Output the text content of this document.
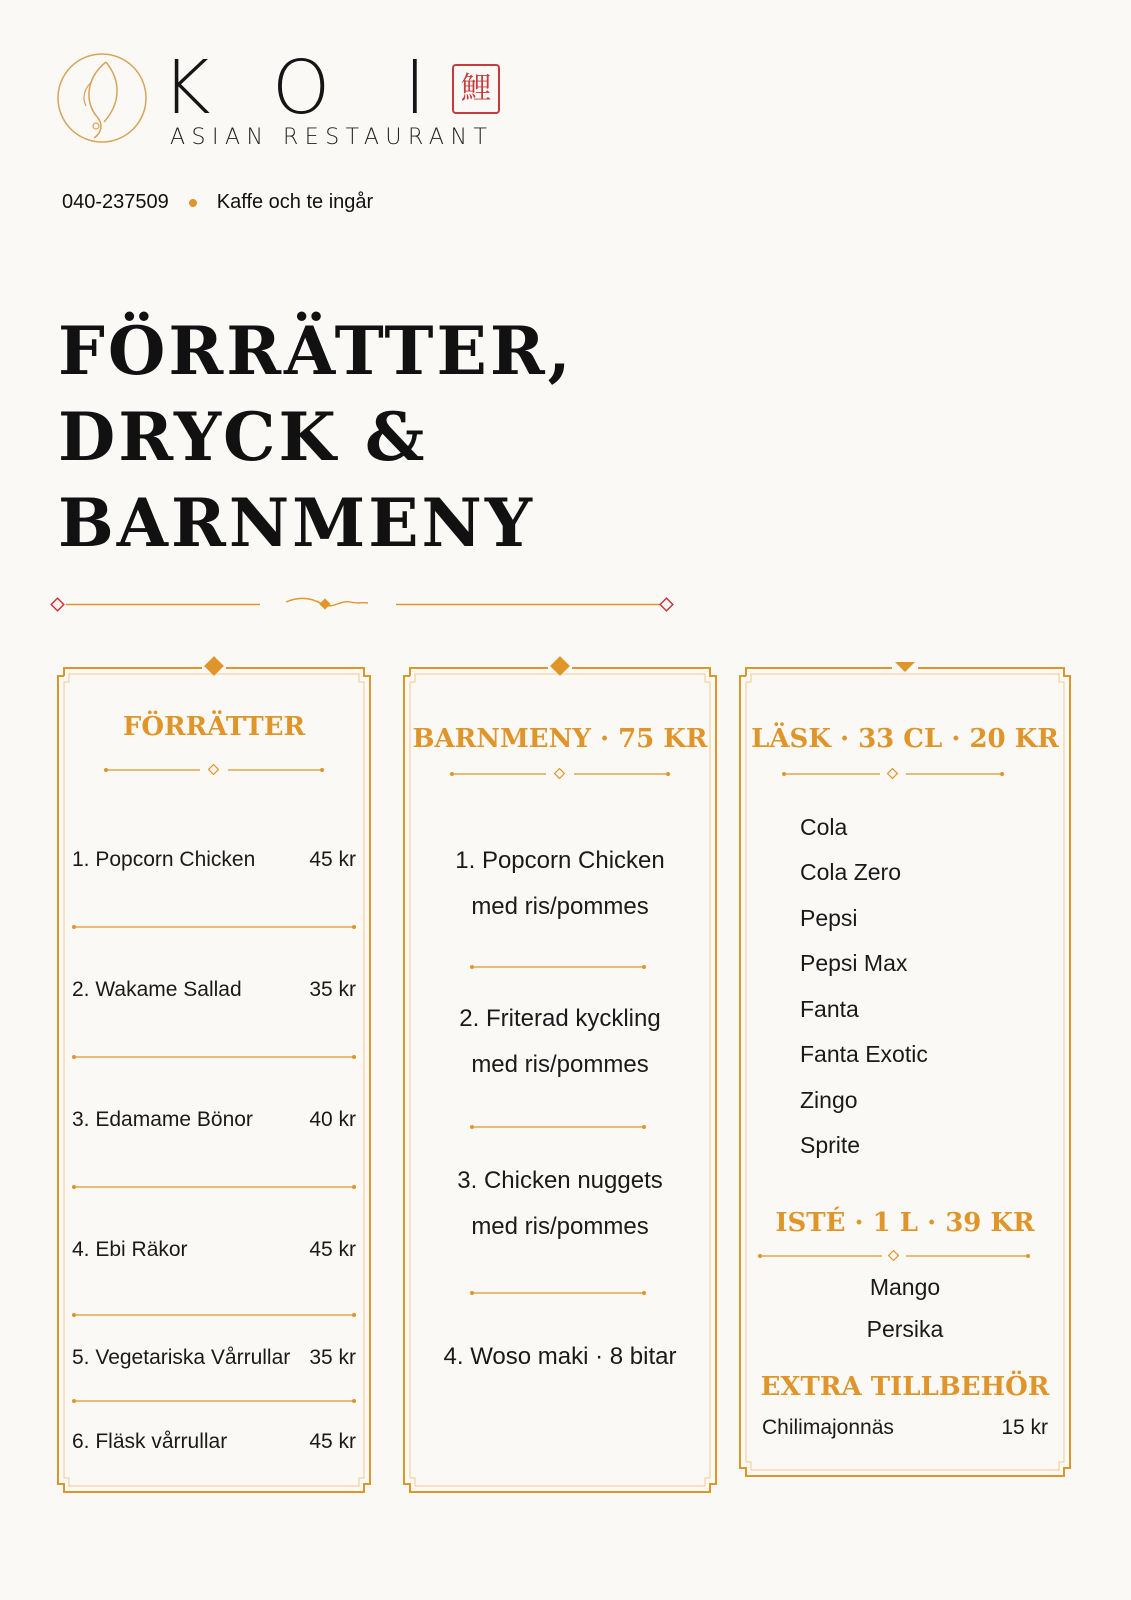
K O I	鯉
ASIAN RESTAURANT
040-237509 Kaffe och te ingår
FÖRRÄTTER,
DRYCK &
BARNMENY
FÖRRÄTTER
1. Popcorn Chicken	45 kr
2. Wakame Sallad	35 kr
3. Edamame Bönor	40 kr
4. Ebi Räkor	45 kr
5. Vegetariska Vårrullar 35 kr
6. Fläsk vårrullar	45 kr
BARNMENY · 75 KR
1. Popcorn Chicken
med ris/pommes
2. Friterad kyckling
med ris/pommes
3. Chicken nuggets
med ris/pommes
4. Woso maki · 8 bitar
LÄSK · 33 CL · 20 KR
Cola
Cola Zero
Pepsi
Pepsi Max
Fanta
Fanta Exotic
Zingo
Sprite
ISTÉ · 1 L · 39 KR
Mango
Persika
EXTRA TILLBEHÖR
Chilimajonnäs	15 kr
